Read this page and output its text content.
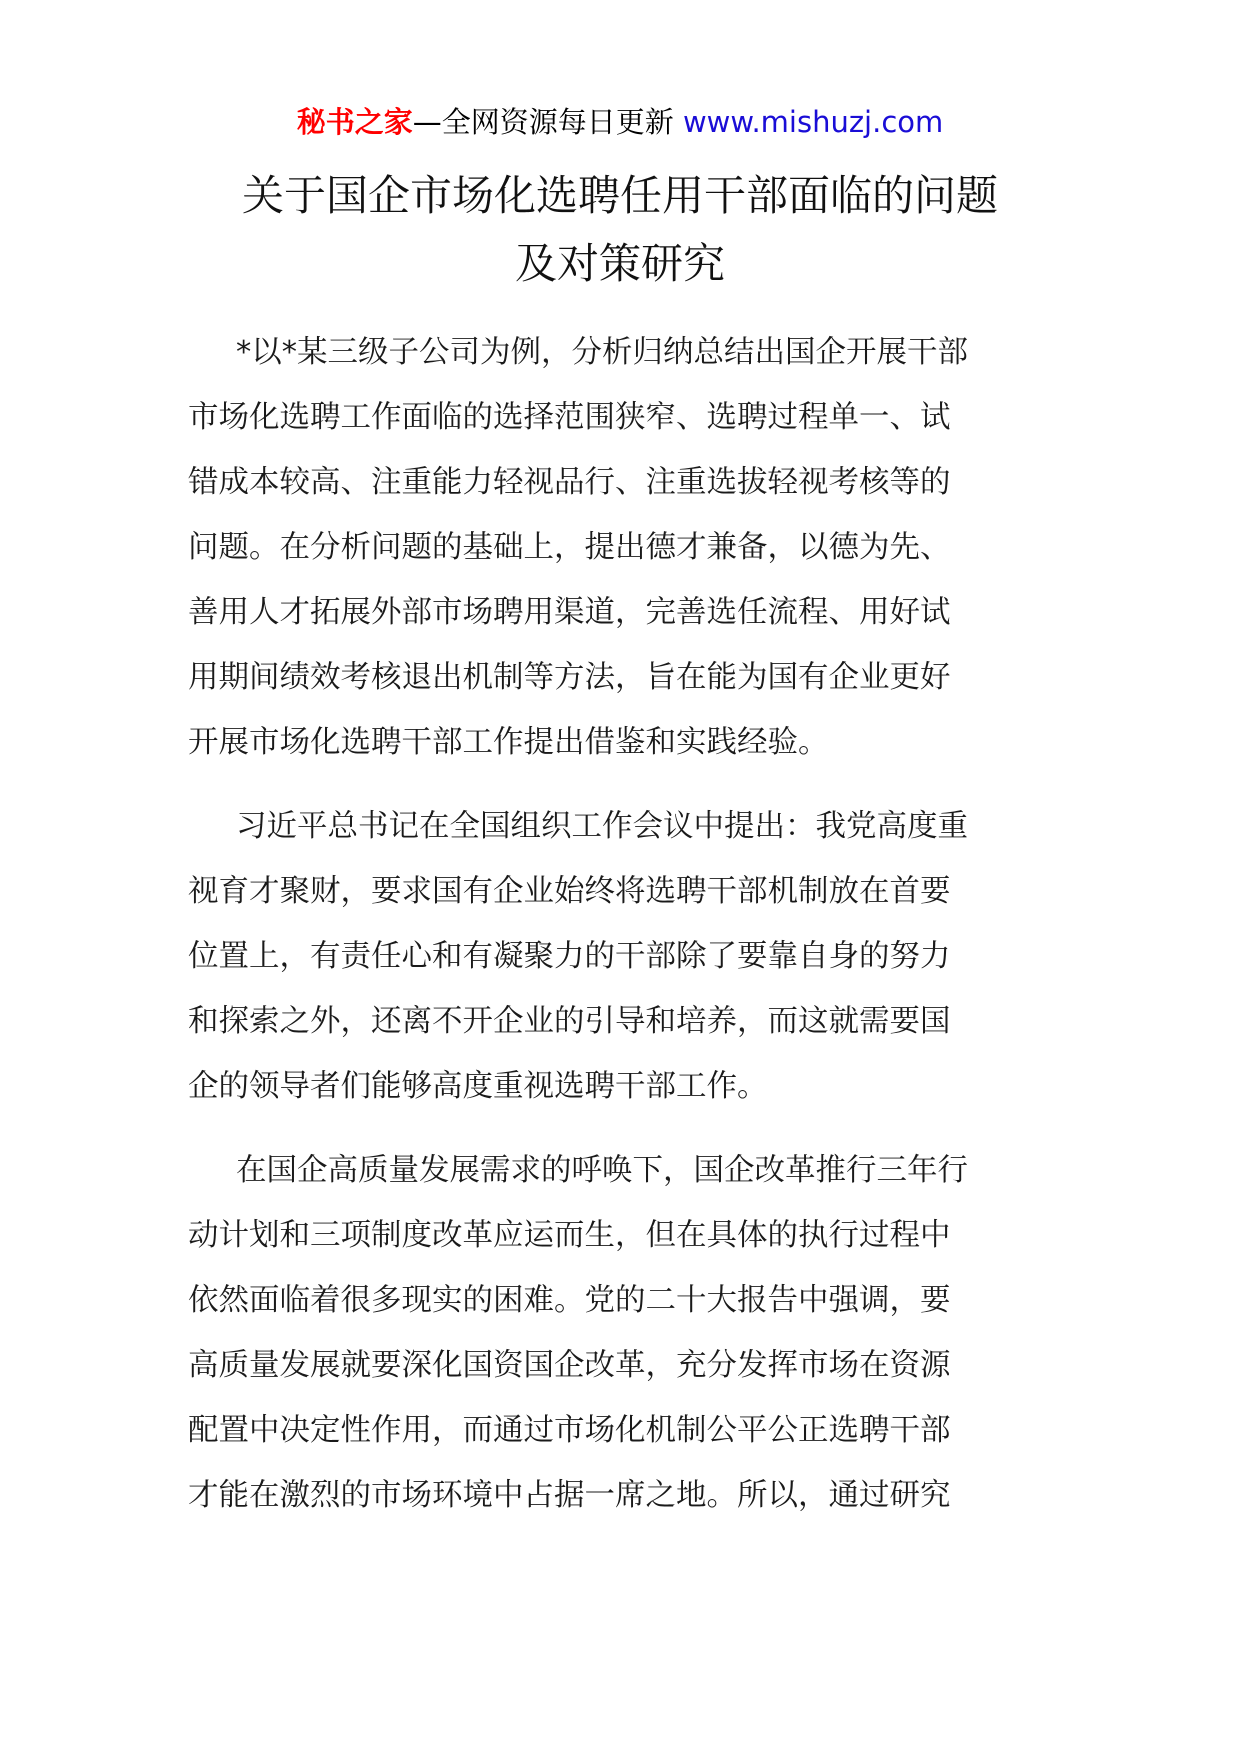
秘书之家—全网资源每日更新 www.mishuzj.com
关于国企市场化选聘任用干部面临的问题
及对策研究
*以*某三级子公司为例，分析归纳总结出国企开展干部
市场化选聘工作面临的选择范围狭窄、选聘过程单一、试
错成本较高、注重能力轻视品行、注重选拔轻视考核等的
问题。在分析问题的基础上，提出德才兼备，以德为先、
善用人才拓展外部市场聘用渠道，完善选任流程、用好试
用期间绩效考核退出机制等方法，旨在能为国有企业更好
开展市场化选聘干部工作提出借鉴和实践经验。
习近平总书记在全国组织工作会议中提出：我党高度重
视育才聚财，要求国有企业始终将选聘干部机制放在首要
位置上，有责任心和有凝聚力的干部除了要靠自身的努力
和探索之外，还离不开企业的引导和培养，而这就需要国
企的领导者们能够高度重视选聘干部工作。
在国企高质量发展需求的呼唤下，国企改革推行三年行
动计划和三项制度改革应运而生，但在具体的执行过程中
依然面临着很多现实的困难。党的二十大报告中强调，要
高质量发展就要深化国资国企改革，充分发挥市场在资源
配置中决定性作用，而通过市场化机制公平公正选聘干部
才能在激烈的市场环境中占据一席之地。所以，通过研究
